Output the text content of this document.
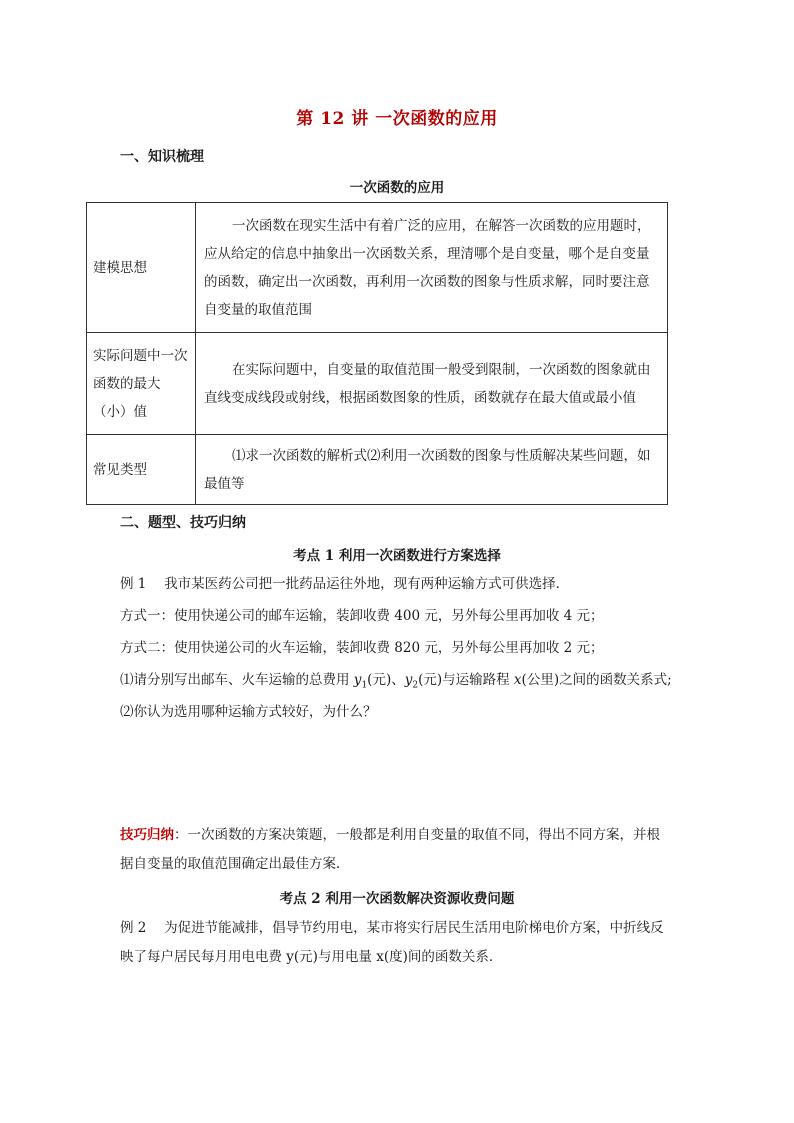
第 12 讲 一次函数的应用
一、知识梳理
一次函数的应用
建模思想	一次函数在现实生活中有着广泛的应用，在解答一次函数的应用题时，应从给定的信息中抽象出一次函数关系，理清哪个是自变量，哪个是自变量的函数，确定出一次函数，再利用一次函数的图象与性质求解，同时要注意自变量的取值范围
实际问题中一次函数的最大（小）值	在实际问题中，自变量的取值范围一般受到限制，一次函数的图象就由直线变成线段或射线，根据函数图象的性质，函数就存在最大值或最小值
常见类型	⑴求一次函数的解析式⑵利用一次函数的图象与性质解决某些问题，如最值等
二、题型、技巧归纳
考点 1 利用一次函数进行方案选择
例 1　 我市某医药公司把一批药品运往外地，现有两种运输方式可供选择．
方式一：使用快递公司的邮车运输，装卸收费 400 元，另外每公里再加收 4 元；
方式二：使用快递公司的火车运输，装卸收费 820 元，另外每公里再加收 2 元；
⑴请分别写出邮车、火车运输的总费用 $y_1$(元)、$y_2$(元)与运输路程 x(公里)之间的函数关系式;
⑵你认为选用哪种运输方式较好，为什么？
技巧归纳：一次函数的方案决策题，一般都是利用自变量的取值不同，得出不同方案，并根据自变量的取值范围确定出最佳方案．
考点 2 利用一次函数解决资源收费问题
例 2　 为促进节能减排，倡导节约用电，某市将实行居民生活用电阶梯电价方案，中折线反映了每户居民每月用电电费 y(元)与用电量 x(度)间的函数关系．
